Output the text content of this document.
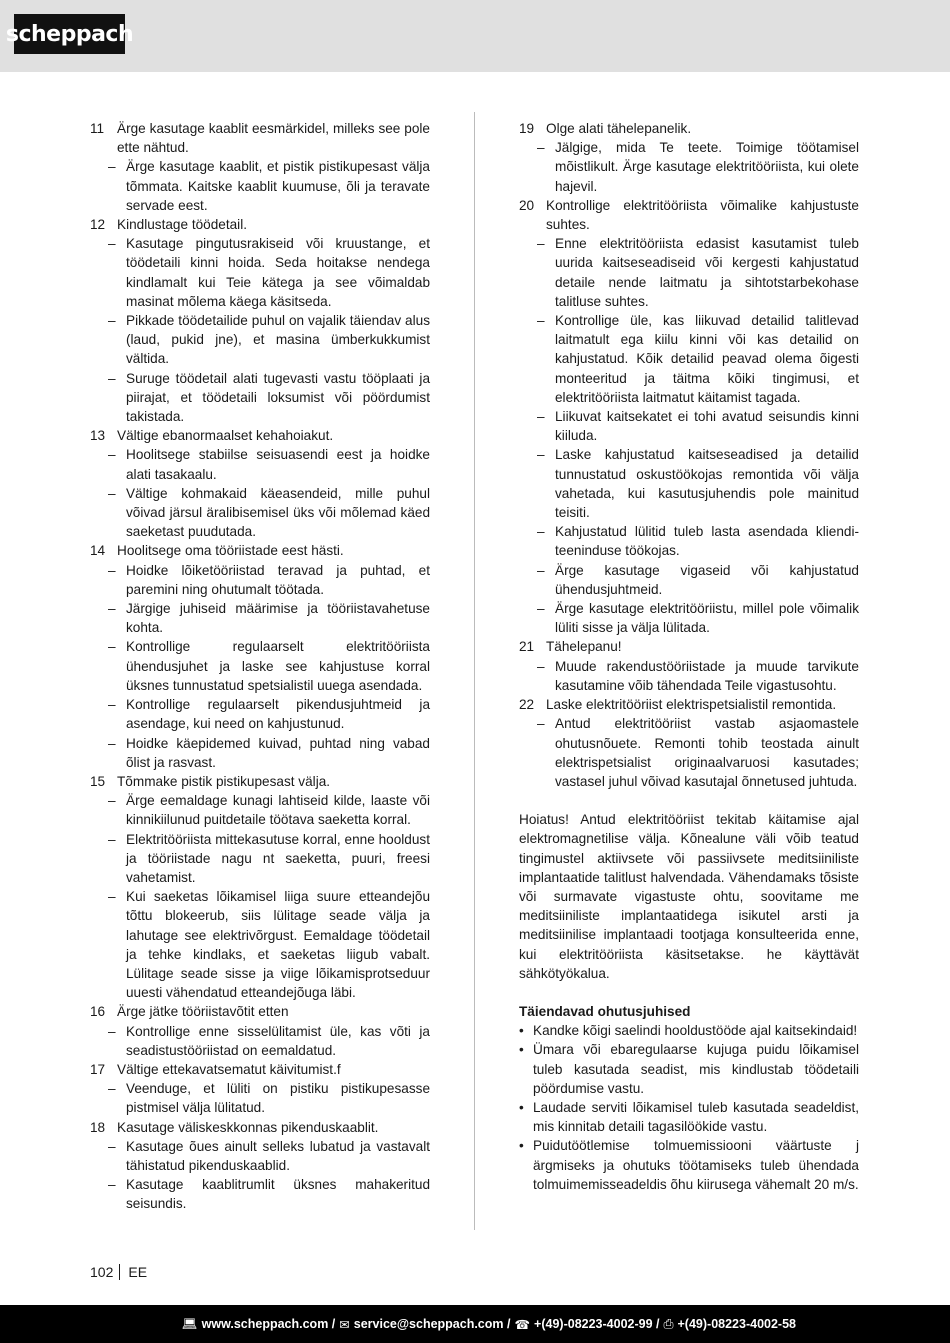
scheppach
11 Ärge kasutage kaablit eesmärkidel, milleks see pole ette nähtud.
– Ärge kasutage kaablit, et pistik pistikupesast välja tõmmata. Kaitske kaablit kuumuse, õli ja teravate servade eest.
12 Kindlustage töödetail.
– Kasutage pingutusrakiseid või kruustange, et töödetaili kinni hoida. Seda hoitakse nendega kindlamalt kui Teie kätega ja see võimaldab masinat mõlema käega käsitseda.
– Pikkade töödetailide puhul on vajalik täiendav alus (laud, pukid jne), et masina ümberkukkumist vältida.
– Suruge töödetail alati tugevasti vastu tööplaati ja piirajat, et töödetaili loksumist või pöördumist takistada.
13 Vältige ebanormaalset kehahoiakut.
– Hoolitsege stabiilse seisuasendi eest ja hoidke alati tasakaalu.
– Vältige kohmakaid käeasendeid, mille puhul võivad järsul äralibisemisel üks või mõlemad käed saeketast puudutada.
14 Hoolitsege oma tööriistade eest hästi.
– Hoidke lõiketööriistad teravad ja puhtad, et paremini ning ohutumalt töötada.
– Järgige juhiseid määrimise ja tööriistavahetuse kohta.
– Kontrollige regulaarselt elektritööriista ühendusjuhet ja laske see kahjustuse korral üksnes tunnustatud spetsialistil uuega asendada.
– Kontrollige regulaarselt pikendusjuhtmeid ja asendage, kui need on kahjustunud.
– Hoidke käepidemed kuivad, puhtad ning vabad õlist ja rasvast.
15 Tõmmake pistik pistikupesast välja.
– Ärge eemaldage kunagi lahtiseid kilde, laaste või kinnikiilunud puitdetaile töötava saeketta korral.
– Elektritööriista mittekasutuse korral, enne hooldust ja tööriistade nagu nt saeketta, puuri, freesi vahetamist.
– Kui saeketas lõikamisel liiga suure etteandejõu tõttu blokeerub, siis lülitage seade välja ja lahutage see elektrivõrgust. Eemaldage töödetail ja tehke kindlaks, et saeketas liigub vabalt. Lülitage seade sisse ja viige lõikamisprotseduur uuesti vähendatud etteandejõuga läbi.
16 Ärge jätke tööriistavõtit etten
– Kontrollige enne sisselülitamist üle, kas võti ja seadistustööriistad on eemaldatud.
17 Vältige ettekavatsematut käivitumist.f
– Veenduge, et lüliti on pistiku pistikupesasse pistmisel välja lülitatud.
18 Kasutage väliskeskkonnas pikenduskaablit.
– Kasutage õues ainult selleks lubatud ja vastavalt tähistatud pikenduskaablid.
– Kasutage kaablitrumlit üksnes mahakeritud seisundis.
19 Olge alati tähelepanelik.
– Jälgige, mida Te teete. Toimige töötamisel mõistlikult. Ärge kasutage elektritööriista, kui olete hajevil.
20 Kontrollige elektritööriista võimalike kahjustuste suhtes.
– Enne elektritööriista edasist kasutamist tuleb uurida kaitseseadiseid või kergesti kahjustatud detaile nende laitmatu ja sihtotstarbekohase talitluse suhtes.
– Kontrollige üle, kas liikuvad detailid talitlevad laitmatult ega kiilu kinni või kas detailid on kahjustatud. Kõik detailid peavad olema õigesti monteeritud ja täitma kõiki tingimusi, et elektritööriista laitmatut käitamist tagada.
– Liikuvat kaitsekatet ei tohi avatud seisundis kinni kiiluda.
– Laske kahjustatud kaitseseadised ja detailid tunnustatud oskustöökojas remontida või välja vahetada, kui kasutusjuhendis pole mainitud teisiti.
– Kahjustatud lülitid tuleb lasta asendada klienditeeninduse töökojas.
– Ärge kasutage vigaseid või kahjustatud ühendusjuhtmeid.
– Ärge kasutage elektritööriistu, millel pole võimalik lüliti sisse ja välja lülitada.
21 Tähelepanu!
– Muude rakendustööriistade ja muude tarvikute kasutamine võib tähendada Teile vigastusohtu.
22 Laske elektritööriist elektrispetsialistil remontida.
– Antud elektritööriist vastab asjaomastele ohutusnõuete. Remonti tohib teostada ainult elektrispetsialist originaalvaruosi kasutades; vastasel juhul võivad kasutajal õnnetused juhtuda.
Hoiatus! Antud elektritööriist tekitab käitamise ajal elektromagnetilise välja. Kõnealune väli võib teatud tingimustel aktiivsete või passiivsete meditsiiniliste implantaatide talitlust halvendada. Vähendamaks tõsiste või surmavate vigastuste ohtu, soovitame me meditsiiniliste implantaatidega isikutel arsti ja meditsiinilise implantaadi tootjaga konsulteerida enne, kui elektritööriista käsitsetakse. he käyttävät sähkötyökalua.
Täiendavad ohutusjuhised
• Kandke kõigi saelindi hooldustööde ajal kaitsekindaid!
• Ümara või ebaregulaarse kujuga puidu lõikamisel tuleb kasutada seadist, mis kindlustab töödetaili pöördumise vastu.
• Laudade serviti lõikamisel tuleb kasutada seadeldist, mis kinnitab detaili tagasilöökide vastu.
• Puidutöötlemise tolmuemissiooni väärtuste j ärgmiseks ja ohutuks töötamiseks tuleb ühendada tolmuimemisseadeldis õhu kiirusega vähemalt 20 m/s.
102 EE
💻︎ www.scheppach.com / ✉︎ service@scheppach.com / ☎︎ +(49)-08223-4002-99 / ⎙︎ +(49)-08223-4002-58
